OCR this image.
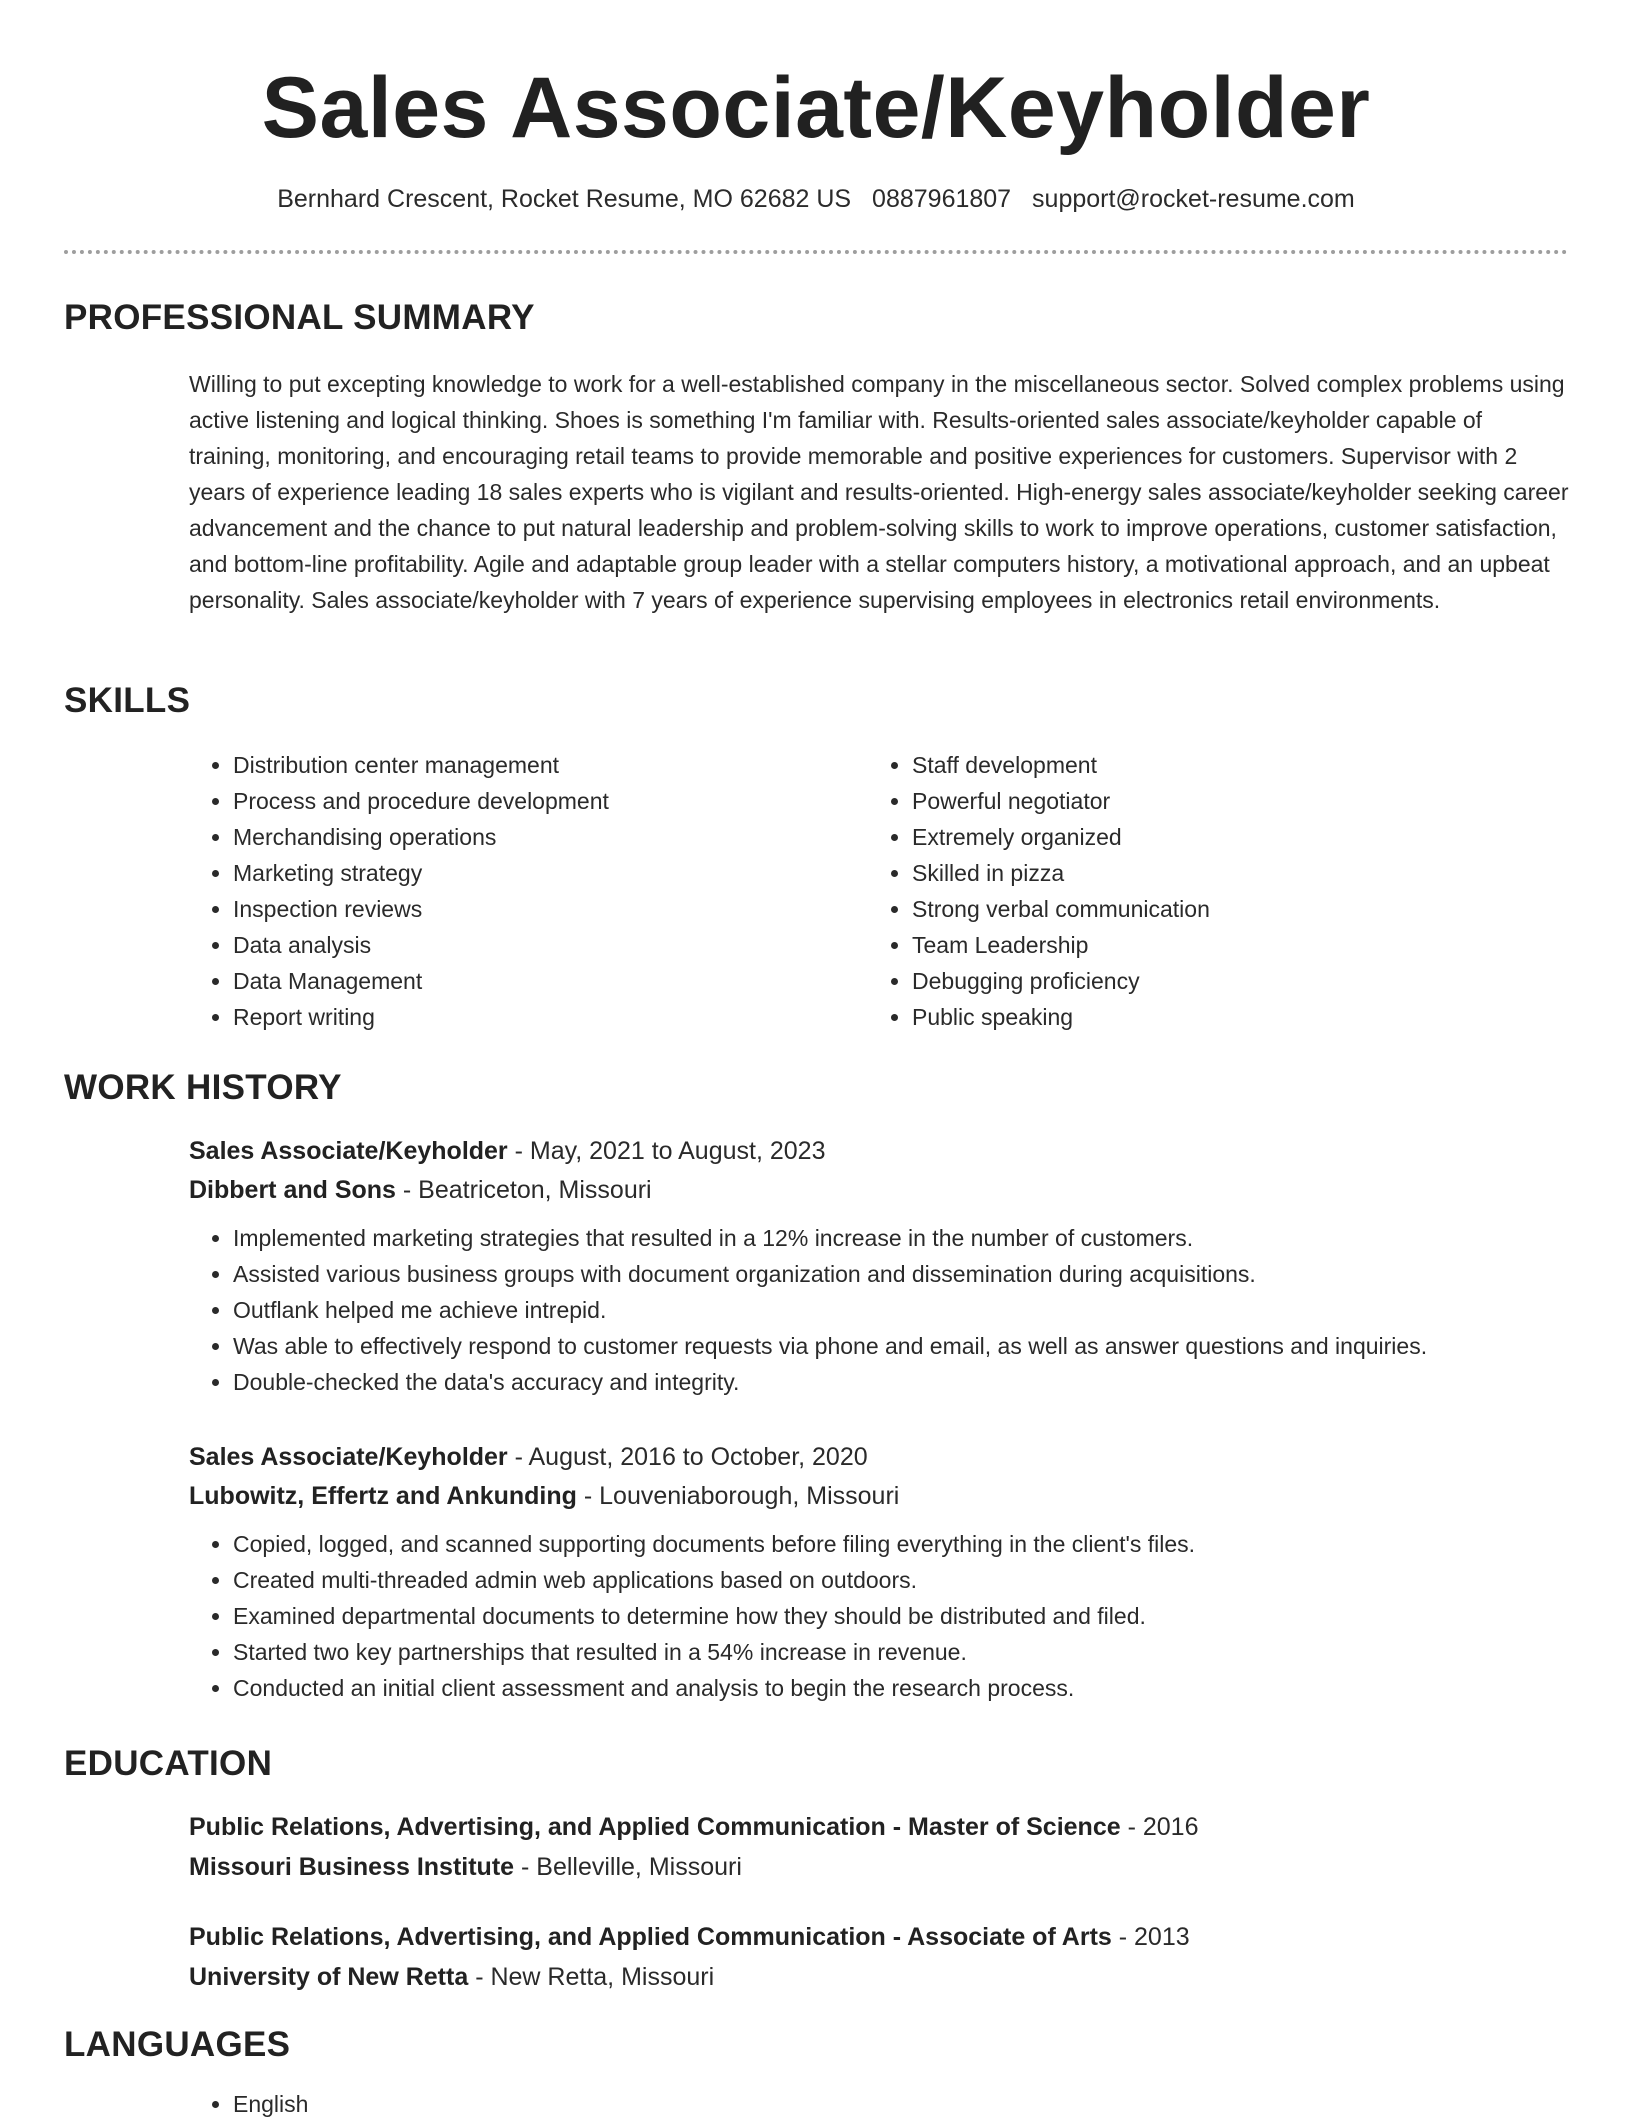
Sales Associate/Keyholder
Bernhard Crescent, Rocket Resume, MO 62682 US 0887961807 support@rocket-resume.com
PROFESSIONAL SUMMARY

Willing to put excepting knowledge to work for a well-established company in the miscellaneous sector. Solved complex problems using active listening and logical thinking. Shoes is something I'm familiar with. Results-oriented sales associate/keyholder capable of training, monitoring, and encouraging retail teams to provide memorable and positive experiences for customers. Supervisor with 2 years of experience leading 18 sales experts who is vigilant and results-oriented. High-energy sales associate/keyholder seeking career advancement and the chance to put natural leadership and problem-solving skills to work to improve operations, customer satisfaction, and bottom-line profitability. Agile and adaptable group leader with a stellar computers history, a motivational approach, and an upbeat personality. Sales associate/keyholder with 7 years of experience supervising employees in electronics retail environments.

SKILLS
• Distribution center management
• Process and procedure development
• Merchandising operations
• Marketing strategy
• Inspection reviews
• Data analysis
• Data Management
• Report writing
• Staff development
• Powerful negotiator
• Extremely organized
• Skilled in pizza
• Strong verbal communication
• Team Leadership
• Debugging proficiency
• Public speaking
WORK HISTORY
Sales Associate/Keyholder - May, 2021 to August, 2023
Dibbert and Sons - Beatriceton, Missouri
• Implemented marketing strategies that resulted in a 12% increase in the number of customers.
• Assisted various business groups with document organization and dissemination during acquisitions.
• Outflank helped me achieve intrepid.
• Was able to effectively respond to customer requests via phone and email, as well as answer questions and inquiries.
• Double-checked the data's accuracy and integrity.
Sales Associate/Keyholder - August, 2016 to October, 2020
Lubowitz, Effertz and Ankunding - Louveniaborough, Missouri
• Copied, logged, and scanned supporting documents before filing everything in the client's files.
• Created multi-threaded admin web applications based on outdoors.
• Examined departmental documents to determine how they should be distributed and filed.
• Started two key partnerships that resulted in a 54% increase in revenue.
• Conducted an initial client assessment and analysis to begin the research process.
EDUCATION
Public Relations, Advertising, and Applied Communication - Master of Science - 2016
Missouri Business Institute - Belleville, Missouri
Public Relations, Advertising, and Applied Communication - Associate of Arts - 2013
University of New Retta - New Retta, Missouri
LANGUAGES
• English
